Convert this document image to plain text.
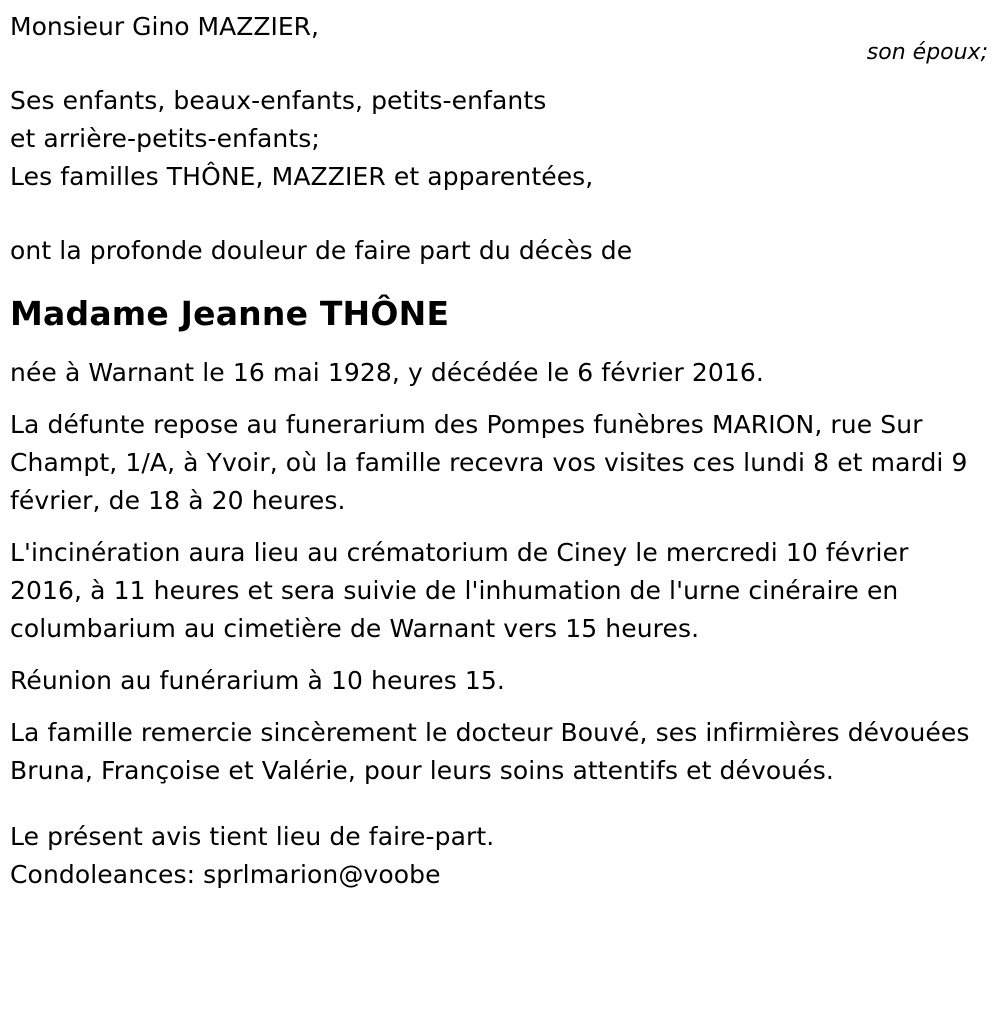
Monsieur Gino MAZZIER,
son époux;
Ses enfants, beaux-enfants, petits-enfants
et arrière-petits-enfants;
Les familles THÔNE, MAZZIER et apparentées,
ont la profonde douleur de faire part du décès de
Madame Jeanne THÔNE
née à Warnant le 16 mai 1928, y décédée le 6 février 2016.
La défunte repose au funerarium des Pompes funèbres MARION, rue Sur Champt, 1/A, à Yvoir, où la famille recevra vos visites ces lundi 8 et mardi 9 février, de 18 à 20 heures.
L'incinération aura lieu au crématorium de Ciney le mercredi 10 février 2016, à 11 heures et sera suivie de l'inhumation de l'urne cinéraire en columbarium au cimetière de Warnant vers 15 heures.
Réunion au funérarium à 10 heures 15.
La famille remercie sincèrement le docteur Bouvé, ses infirmières dévouées Bruna, Françoise et Valérie, pour leurs soins attentifs et dévoués.
Le présent avis tient lieu de faire-part.
Condoleances: sprlmarion@voobe
